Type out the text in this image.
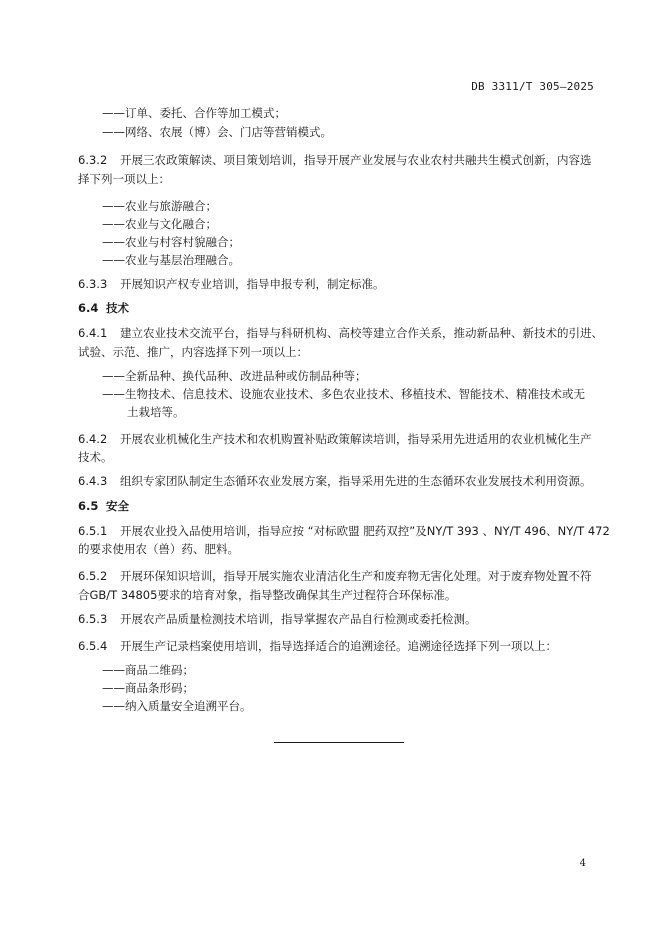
DB 3311/T 305—2025
——订单、委托、合作等加工模式；
——网络、农展（博）会、门店等营销模式。
6.3.2 开展三农政策解读、项目策划培训，指导开展产业发展与农业农村共融共生模式创新，内容选
择下列一项以上：
——农业与旅游融合；
——农业与文化融合；
——农业与村容村貌融合；
——农业与基层治理融合。
6.3.3 开展知识产权专业培训，指导申报专利，制定标准。
6.4 技术
6.4.1 建立农业技术交流平台，指导与科研机构、高校等建立合作关系，推动新品种、新技术的引进、
试验、示范、推广，内容选择下列一项以上：
——全新品种、换代品种、改进品种或仿制品种等；
——生物技术、信息技术、设施农业技术、多色农业技术、移植技术、智能技术、精准技术或无
土栽培等。
6.4.2 开展农业机械化生产技术和农机购置补贴政策解读培训，指导采用先进适用的农业机械化生产
技术。
6.4.3 组织专家团队制定生态循环农业发展方案，指导采用先进的生态循环农业发展技术利用资源。
6.5 安全
6.5.1 开展农业投入品使用培训，指导应按 “对标欧盟 肥药双控”及NY/T 393 、NY/T 496、NY/T 472
的要求使用农（兽）药、肥料。
6.5.2 开展环保知识培训，指导开展实施农业清洁化生产和废弃物无害化处理。对于废弃物处置不符
合GB/T 34805要求的培育对象，指导整改确保其生产过程符合环保标准。
6.5.3 开展农产品质量检测技术培训，指导掌握农产品自行检测或委托检测。
6.5.4 开展生产记录档案使用培训，指导选择适合的追溯途径。追溯途径选择下列一项以上：
——商品二维码；
——商品条形码；
——纳入质量安全追溯平台。
4
